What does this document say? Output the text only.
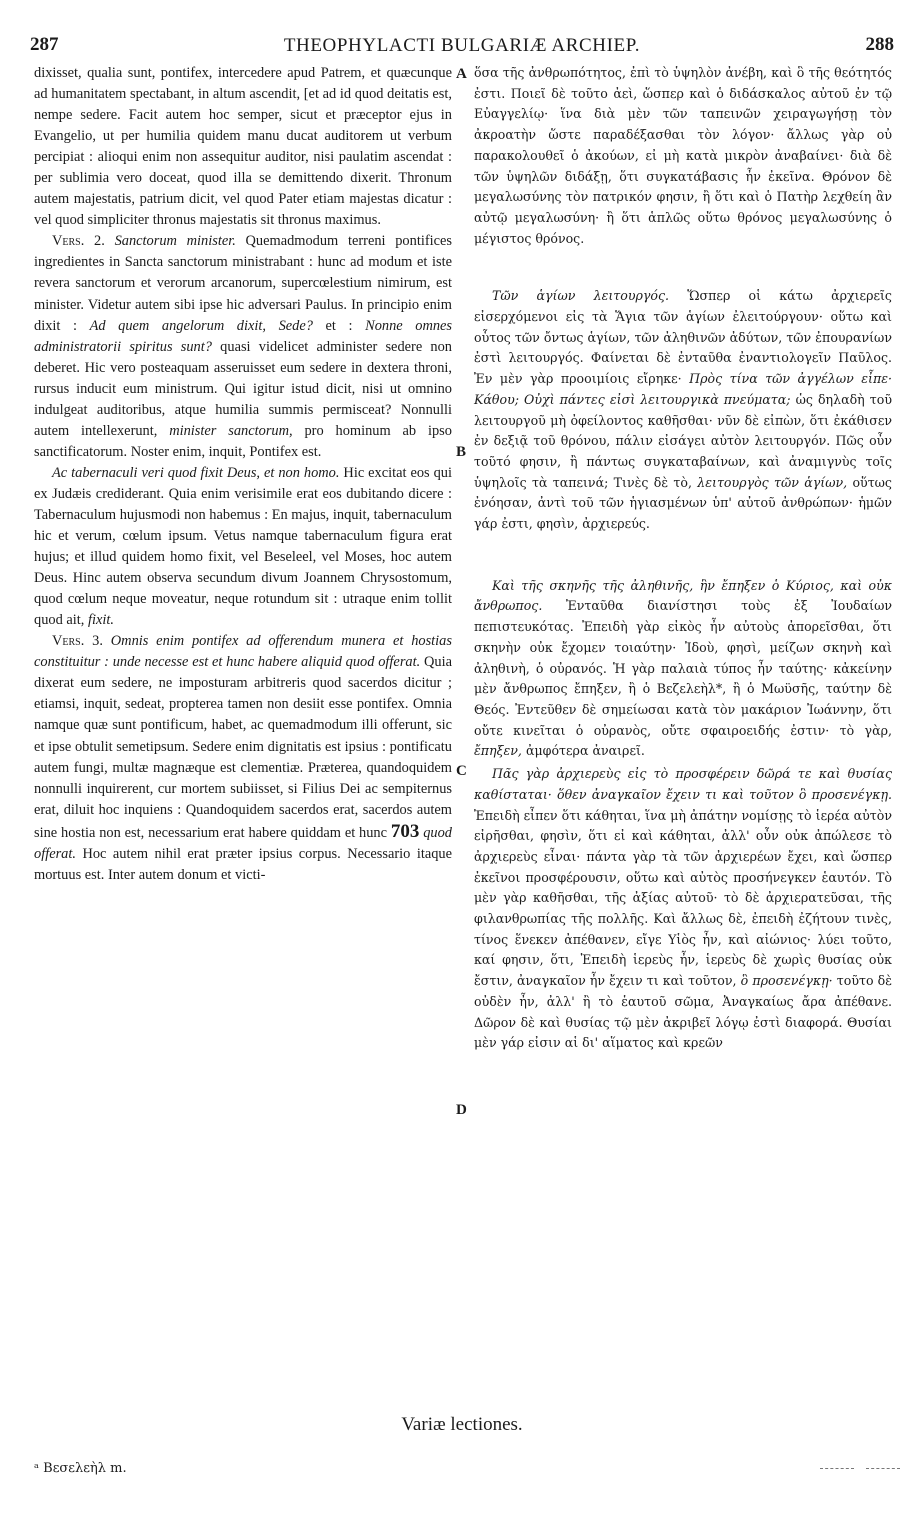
287	THEOPHYLACTI BULGARIÆ ARCHIEP.	288
A
B
C
D

dixisset, qualia sunt, pontifex, intercedere apud Patrem, et quæcunque ad humanitatem spectabant, in altum ascendit, [et ad id quod deitatis est, nempe sedere. Facit autem hoc semper, sicut et præceptor ejus in Evangelio, ut per humilia quidem manu ducat auditorem ut verbum percipiat : alioqui enim non assequitur auditor, nisi paulatim ascendat : per sublimia vero doceat, quod illa se demittendo dixerit. Thronum autem majestatis, patrium dicit, vel quod Pater etiam majestas dicatur : vel quod simpliciter thronus majestatis sit thronus maximus.

Vers. 2. Sanctorum minister. Quemadmodum terreni pontifices ingredientes in Sancta sanctorum ministrabant : hunc ad modum et iste revera sanctorum et verorum arcanorum, supercœlestium nimirum, est minister. Videtur autem sibi ipse hic adversari Paulus. In principio enim dixit : Ad quem angelorum dixit, Sede? et : Nonne omnes administratorii spiritus sunt? quasi videlicet administer sedere non deberet. Hic vero posteaquam asseruisset eum sedere in dextera throni, rursus inducit eum ministrum. Qui igitur istud dicit, nisi ut omnino indulgeat auditoribus, atque humilia summis permisceat? Nonnulli autem intellexerunt, minister sanctorum, pro hominum ab ipso sanctificatorum. Noster enim, inquit, Pontifex est.

Ac tabernaculi veri quod fixit Deus, et non homo. Hic excitat eos qui ex Judæis crediderant. Quia enim verisimile erat eos dubitando dicere : Tabernaculum hujusmodi non habemus : En majus, inquit, tabernaculum hic et verum, cœlum ipsum. Vetus namque tabernaculum figura erat hujus; et illud quidem homo fixit, vel Beseleel, vel Moses, hoc autem Deus. Hinc autem observa secundum divum Joannem Chrysostomum, quod cœlum neque moveatur, neque rotundum sit : utraque enim tollit quod ait, fixit.

Vers. 3. Omnis enim pontifex ad offerendum munera et hostias constituitur : unde necesse est et hunc habere aliquid quod offerat. Quia dixerat eum sedere, ne imposturam arbitreris quod sacerdos dicitur ; etiamsi, inquit, sedeat, propterea tamen non desiit esse pontifex. Omnia namque quæ sunt pontificum, habet, ac quemadmodum illi offerunt, sic et ipse obtulit semetipsum. Sedere enim dignitatis est ipsius : pontificatu autem fungi, multæ magnæque est clementiæ. Præterea, quandoquidem nonnulli inquirerent, cur mortem subiisset, si Filius Dei ac sempiternus erat, diluit hoc inquiens : Quandoquidem sacerdos erat, sacerdos autem sine hostia non est, necessarium erat habere quiddam et hunc 703 quod offerat. Hoc autem nihil erat præter ipsius corpus. Necessario itaque mortuus est. Inter autem donum et victi-

ὅσα τῆς ἀνθρωπότητος, ἐπὶ τὸ ὑψηλὸν ἀνέβη, καὶ ὃ τῆς θεότητός ἐστι. Ποιεῖ δὲ τοῦτο ἀεὶ, ὥσπερ καὶ ὁ διδάσκαλος αὐτοῦ ἐν τῷ Εὐαγγελίῳ· ἵνα διὰ μὲν τῶν ταπεινῶν χειραγωγήσῃ τὸν ἀκροατὴν ὥστε παραδέξασθαι τὸν λόγον· ἄλλως γὰρ οὐ παρακολουθεῖ ὁ ἀκούων, εἰ μὴ κατὰ μικρὸν ἀναβαίνει· διὰ δὲ τῶν ὑψηλῶν διδάξῃ, ὅτι συγκατάβασις ἦν ἐκεῖνα. Θρόνον δὲ μεγαλωσύνης τὸν πατρικόν φησιν, ἢ ὅτι καὶ ὁ Πατὴρ λεχθείη ἂν αὐτῷ μεγαλωσύνη· ἢ ὅτι ἁπλῶς οὕτω θρόνος μεγαλωσύνης ὁ μέγιστος θρόνος.

Τῶν ἁγίων λειτουργός. Ὥσπερ οἱ κάτω ἀρχιερεῖς εἰσερχόμενοι εἰς τὰ Ἅγια τῶν ἁγίων ἐλειτούργουν· οὕτω καὶ οὗτος τῶν ὄντως ἁγίων, τῶν ἀληθινῶν ἀδύτων, τῶν ἐπουρανίων ἐστὶ λειτουργός. Φαίνεται δὲ ἐνταῦθα ἐναντιολογεῖν Παῦλος. Ἐν μὲν γὰρ προοιμίοις εἴρηκε· Πρὸς τίνα τῶν ἀγγέλων εἶπε· Κάθου; Οὐχὶ πάντες εἰσὶ λειτουργικὰ πνεύματα; ὡς δηλαδὴ τοῦ λειτουργοῦ μὴ ὀφείλοντος καθῆσθαι· νῦν δὲ εἰπὼν, ὅτι ἐκάθισεν ἐν δεξιᾷ τοῦ θρόνου, πάλιν εἰσάγει αὐτὸν λειτουργόν. Πῶς οὖν τοῦτό φησιν, ἢ πάντως συγκαταβαίνων, καὶ ἀναμιγνὺς τοῖς ὑψηλοῖς τὰ ταπεινά; Τινὲς δὲ τὸ, λειτουργὸς τῶν ἁγίων, οὕτως ἐνόησαν, ἀντὶ τοῦ τῶν ἡγιασμένων ὑπ' αὐτοῦ ἀνθρώπων· ἡμῶν γάρ ἐστι, φησὶν, ἀρχιερεύς.

Καὶ τῆς σκηνῆς τῆς ἀληθινῆς, ἣν ἔπηξεν ὁ Κύριος, καὶ οὐκ ἄνθρωπος. Ἐνταῦθα διανίστησι τοὺς ἐξ Ἰουδαίων πεπιστευκότας. Ἐπειδὴ γὰρ εἰκὸς ἦν αὐτοὺς ἀπορεῖσθαι, ὅτι σκηνὴν οὐκ ἔχομεν τοιαύτην· Ἰδοὺ, φησὶ, μείζων σκηνὴ καὶ ἀληθινὴ, ὁ οὐρανός. Ἡ γὰρ παλαιὰ τύπος ἦν ταύτης· κἀκείνην μὲν ἄνθρωπος ἔπηξεν, ἢ ὁ Βεζελεὴλ*, ἢ ὁ Μωϋσῆς, ταύτην δὲ Θεός. Ἐντεῦθεν δὲ σημείωσαι κατὰ τὸν μακάριον Ἰωάννην, ὅτι οὔτε κινεῖται ὁ οὐρανὸς, οὔτε σφαιροειδής ἐστιν· τὸ γὰρ, ἔπηξεν, ἀμφότερα ἀναιρεῖ.

Πᾶς γὰρ ἀρχιερεὺς εἰς τὸ προσφέρειν δῶρά τε καὶ θυσίας καθίσταται· ὅθεν ἀναγκαῖον ἔχειν τι καὶ τοῦτον ὃ προσενέγκῃ. Ἐπειδὴ εἶπεν ὅτι κάθηται, ἵνα μὴ ἀπάτην νομίσῃς τὸ ἱερέα αὐτὸν εἰρῆσθαι, φησὶν, ὅτι εἰ καὶ κάθηται, ἀλλ' οὖν οὐκ ἀπώλεσε τὸ ἀρχιερεὺς εἶναι· πάντα γὰρ τὰ τῶν ἀρχιερέων ἔχει, καὶ ὥσπερ ἐκεῖνοι προσφέρουσιν, οὕτω καὶ αὐτὸς προσήνεγκεν ἑαυτόν. Τὸ μὲν γὰρ καθῆσθαι, τῆς ἀξίας αὐτοῦ· τὸ δὲ ἀρχιερατεῦσαι, τῆς φιλανθρωπίας τῆς πολλῆς. Καὶ ἄλλως δὲ, ἐπειδὴ ἐζήτουν τινὲς, τίνος ἕνεκεν ἀπέθανεν, εἴγε Υἱὸς ἦν, καὶ αἰώνιος· λύει τοῦτο, καί φησιν, ὅτι, Ἐπειδὴ ἱερεὺς ἦν, ἱερεὺς δὲ χωρὶς θυσίας οὐκ ἔστιν, ἀναγκαῖον ἦν ἔχειν τι καὶ τοῦτον, ὃ προσενέγκῃ· τοῦτο δὲ οὐδὲν ἦν, ἀλλ' ἢ τὸ ἑαυτοῦ σῶμα, Ἀναγκαίως ἄρα ἀπέθανε. Δῶρον δὲ καὶ θυσίας τῷ μὲν ἀκριβεῖ λόγῳ ἐστὶ διαφορά. Θυσίαι μὲν γάρ εἰσιν αἱ δι' αἵματος καὶ κρεῶν

Variæ lectiones.
ᵃ Βεσελεὴλ m.
